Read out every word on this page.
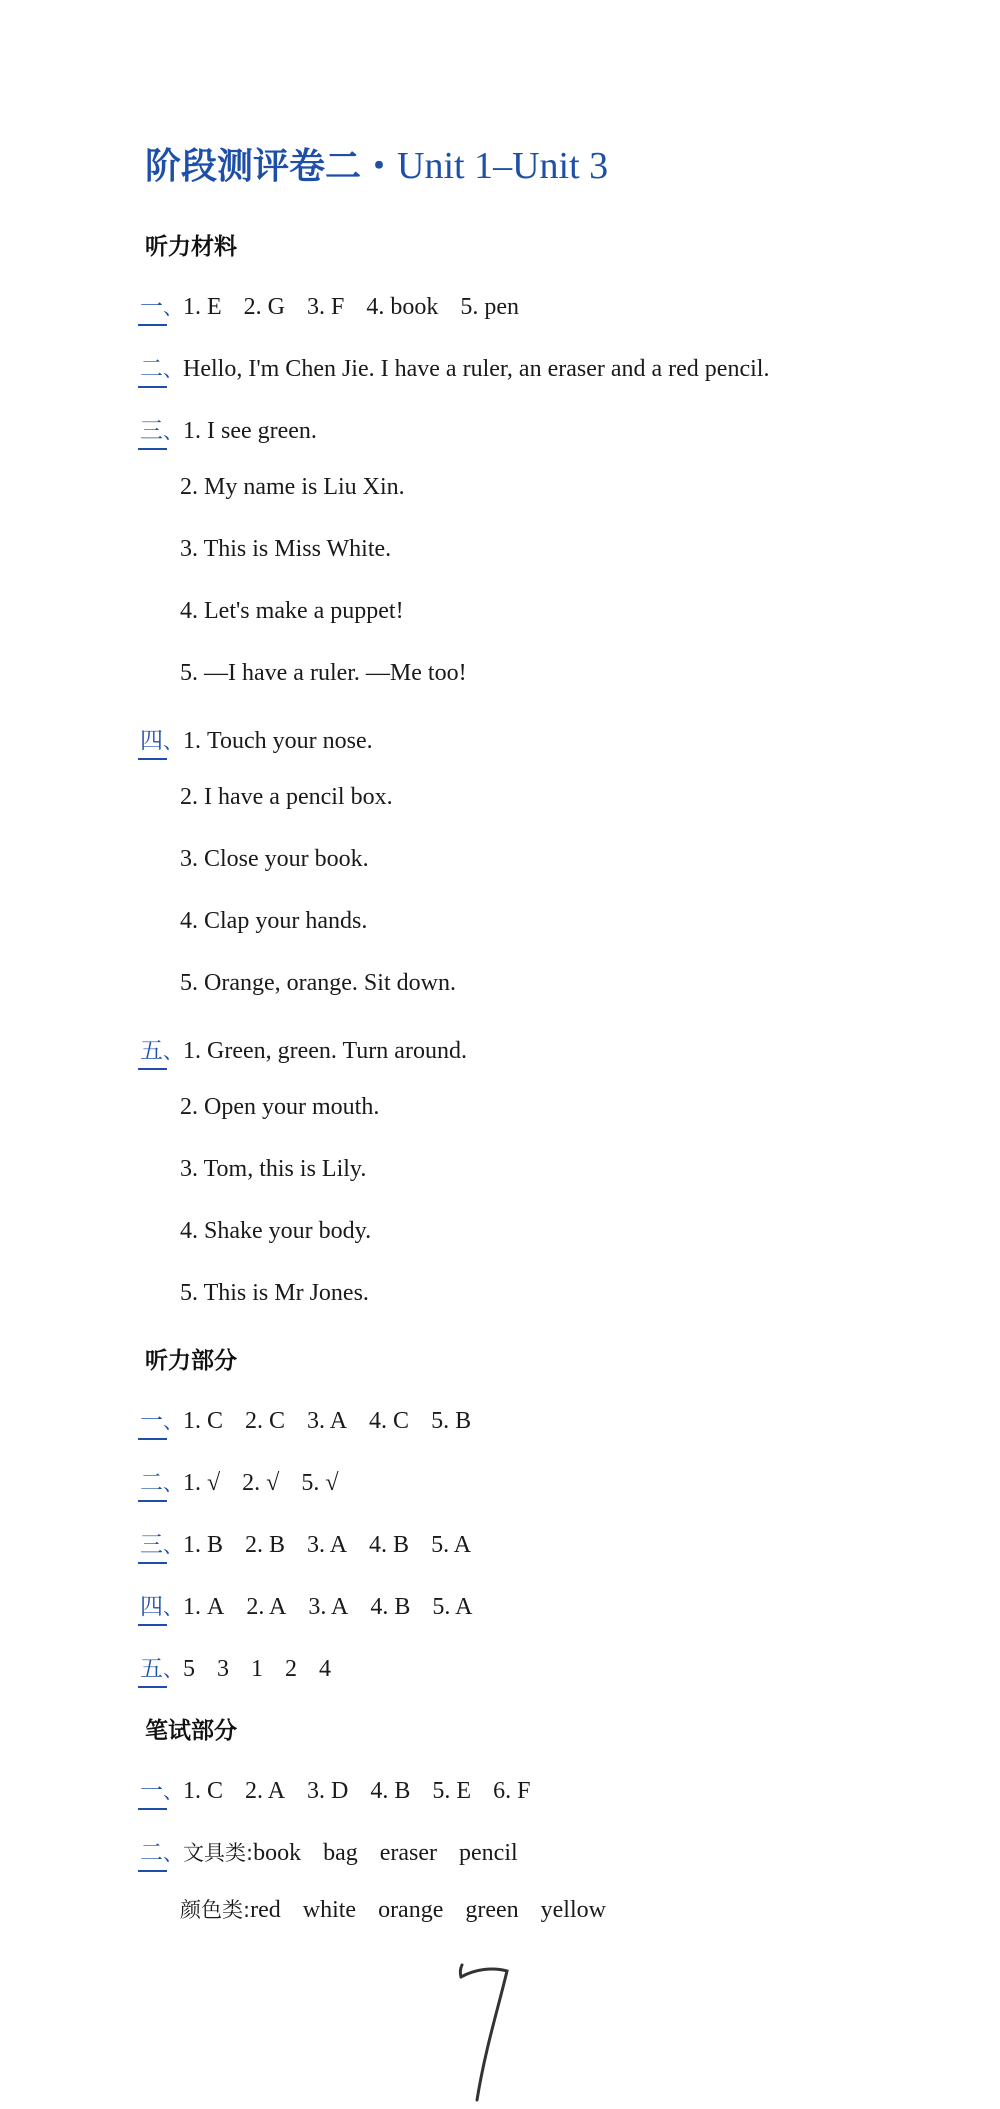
阶段测评卷二・Unit 1–Unit 3
听力材料
一、1. E 2. G 3. F 4. book 5. pen
二、Hello, I'm Chen Jie. I have a ruler, an eraser and a red pencil.
三、1. I see green.
2. My name is Liu Xin.
3. This is Miss White.
4. Let's make a puppet!
5. —I have a ruler. —Me too!
四、1. Touch your nose.
2. I have a pencil box.
3. Close your book.
4. Clap your hands.
5. Orange, orange. Sit down.
五、1. Green, green. Turn around.
2. Open your mouth.
3. Tom, this is Lily.
4. Shake your body.
5. This is Mr Jones.
听力部分
一、1. C 2. C 3. A 4. C 5. B
二、1. √ 2. √ 5. √
三、1. B 2. B 3. A 4. B 5. A
四、1. A 2. A 3. A 4. B 5. A
五、5 3 1 2 4
笔试部分
一、1. C 2. A 3. D 4. B 5. E 6. F
二、文具类:book bag eraser pencil
颜色类:red white orange green yellow
